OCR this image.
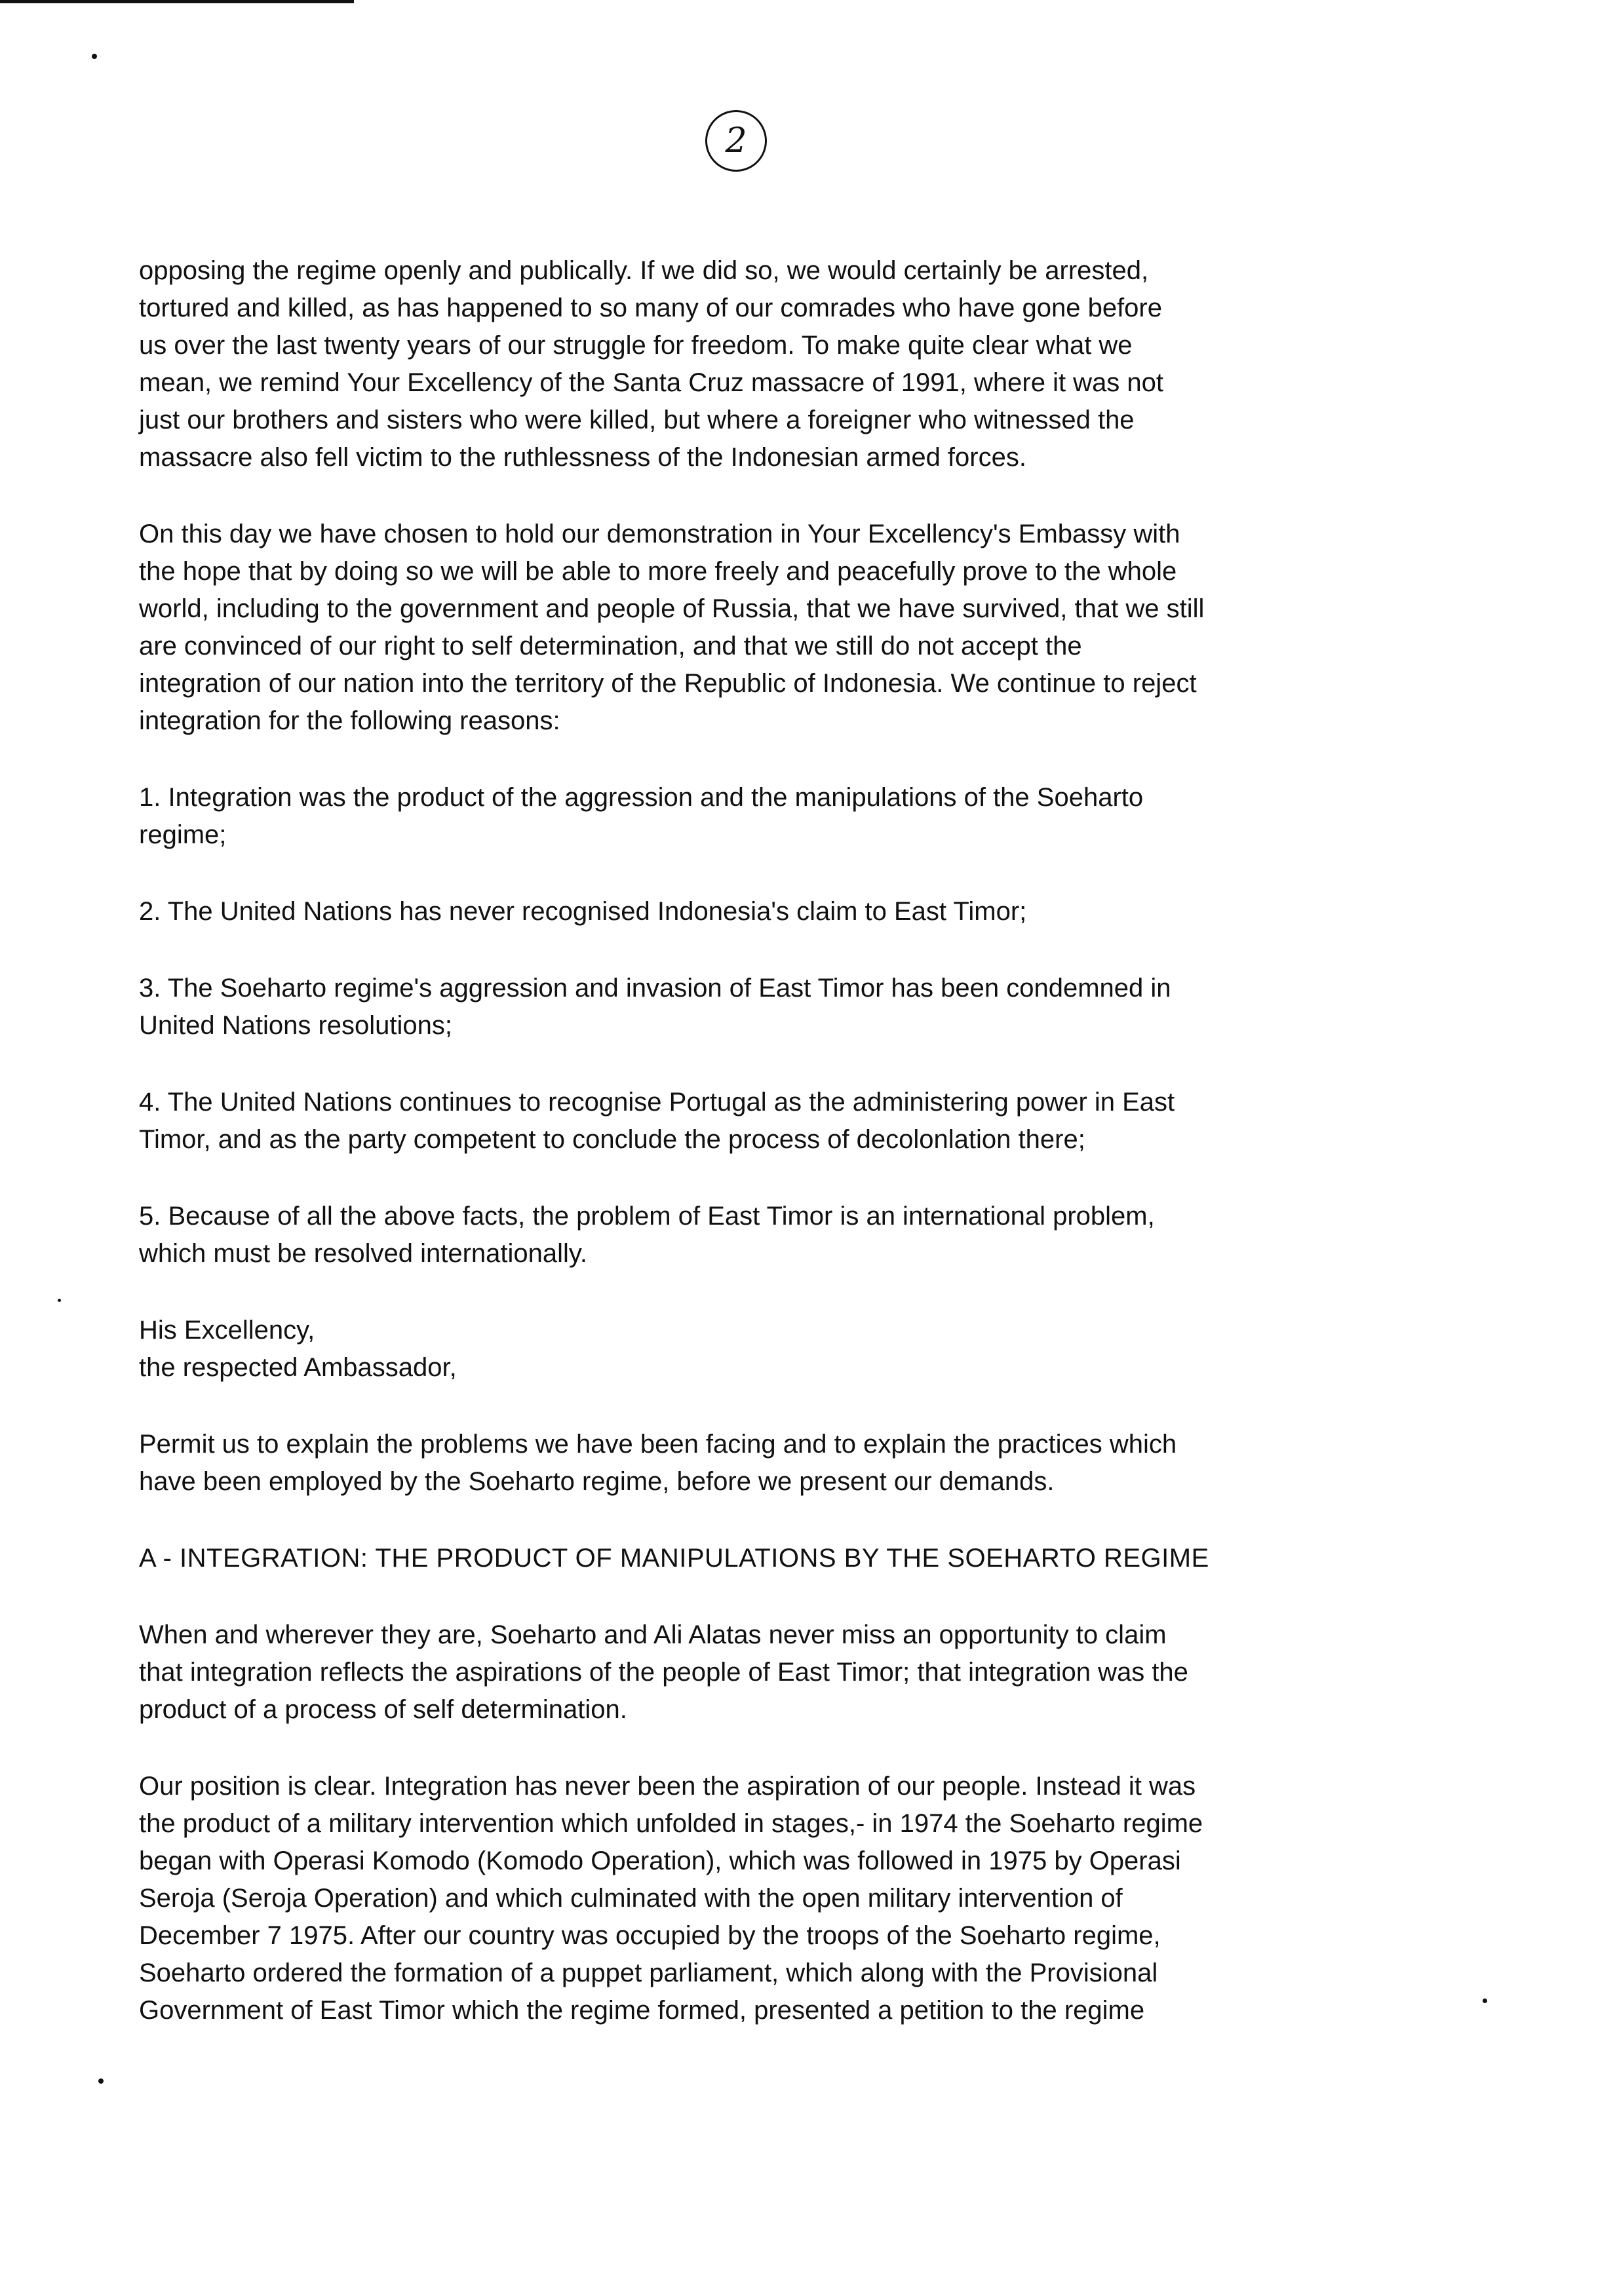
2
opposing the regime openly and publically. If we did so, we would certainly be arrested,
tortured and killed, as has happened to so many of our comrades who have gone before
us over the last twenty years of our struggle for freedom. To make quite clear what we
mean, we remind Your Excellency of the Santa Cruz massacre of 1991, where it was not
just our brothers and sisters who were killed, but where a foreigner who witnessed the
massacre also fell victim to the ruthlessness of the Indonesian armed forces.
On this day we have chosen to hold our demonstration in Your Excellency's Embassy with
the hope that by doing so we will be able to more freely and peacefully prove to the whole
world, including to the government and people of Russia, that we have survived, that we still
are convinced of our right to self determination, and that we still do not accept the
integration of our nation into the territory of the Republic of Indonesia. We continue to reject
integration for the following reasons:
1. Integration was the product of the aggression and the manipulations of the Soeharto
regime;
2. The United Nations has never recognised Indonesia's claim to East Timor;
3. The Soeharto regime's aggression and invasion of East Timor has been condemned in
United Nations resolutions;
4. The United Nations continues to recognise Portugal as the administering power in East
Timor, and as the party competent to conclude the process of decolonlation there;
5. Because of all the above facts, the problem of East Timor is an international problem,
which must be resolved internationally.
His Excellency,
the respected Ambassador,
Permit us to explain the problems we have been facing and to explain the practices which
have been employed by the Soeharto regime, before we present our demands.
A - INTEGRATION: THE PRODUCT OF MANIPULATIONS BY THE SOEHARTO REGIME
When and wherever they are, Soeharto and Ali Alatas never miss an opportunity to claim
that integration reflects the aspirations of the people of East Timor; that integration was the
product of a process of self determination.
Our position is clear. Integration has never been the aspiration of our people. Instead it was
the product of a military intervention which unfolded in stages,- in 1974 the Soeharto regime
began with Operasi Komodo (Komodo Operation), which was followed in 1975 by Operasi
Seroja (Seroja Operation) and which culminated with the open military intervention of
December 7 1975. After our country was occupied by the troops of the Soeharto regime,
Soeharto ordered the formation of a puppet parliament, which along with the Provisional
Government of East Timor which the regime formed, presented a petition to the regime
